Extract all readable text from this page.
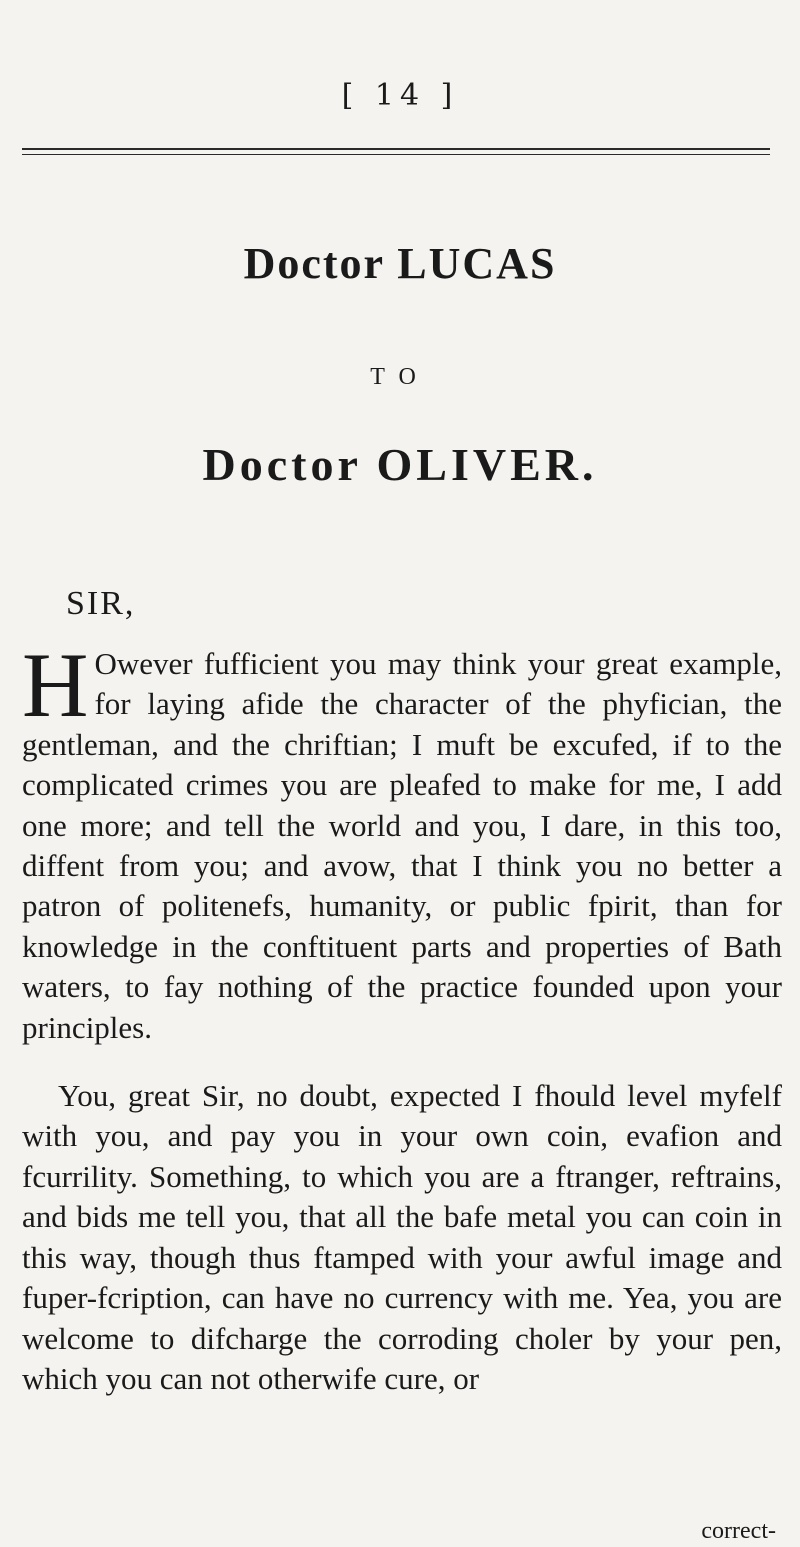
[ 14 ]
Doctor LUCAS
TO
Doctor OLIVER.
SIR,

H Owever fufficient you may think your great example, for laying afide the character of the phyfician, the gentleman, and the chriftian; I muft be excufed, if to the complicated crimes you are pleafed to make for me, I add one more; and tell the world and you, I dare, in this too, diffent from you; and avow, that I think you no better a patron of politenefs, humanity, or public fpirit, than for knowledge in the conftituent parts and properties of Bath waters, to fay nothing of the practice founded upon your principles.

You, great Sir, no doubt, expected I fhould level myfelf with you, and pay you in your own coin, evafion and fcurrility. Something, to which you are a ftranger, reftrains, and bids me tell you, that all the bafe metal you can coin in this way, though thus ftamped with your awful image and fuper-fcription, can have no currency with me. Yea, you are welcome to difcharge the corroding choler by your pen, which you can not otherwife cure, or

correct-
